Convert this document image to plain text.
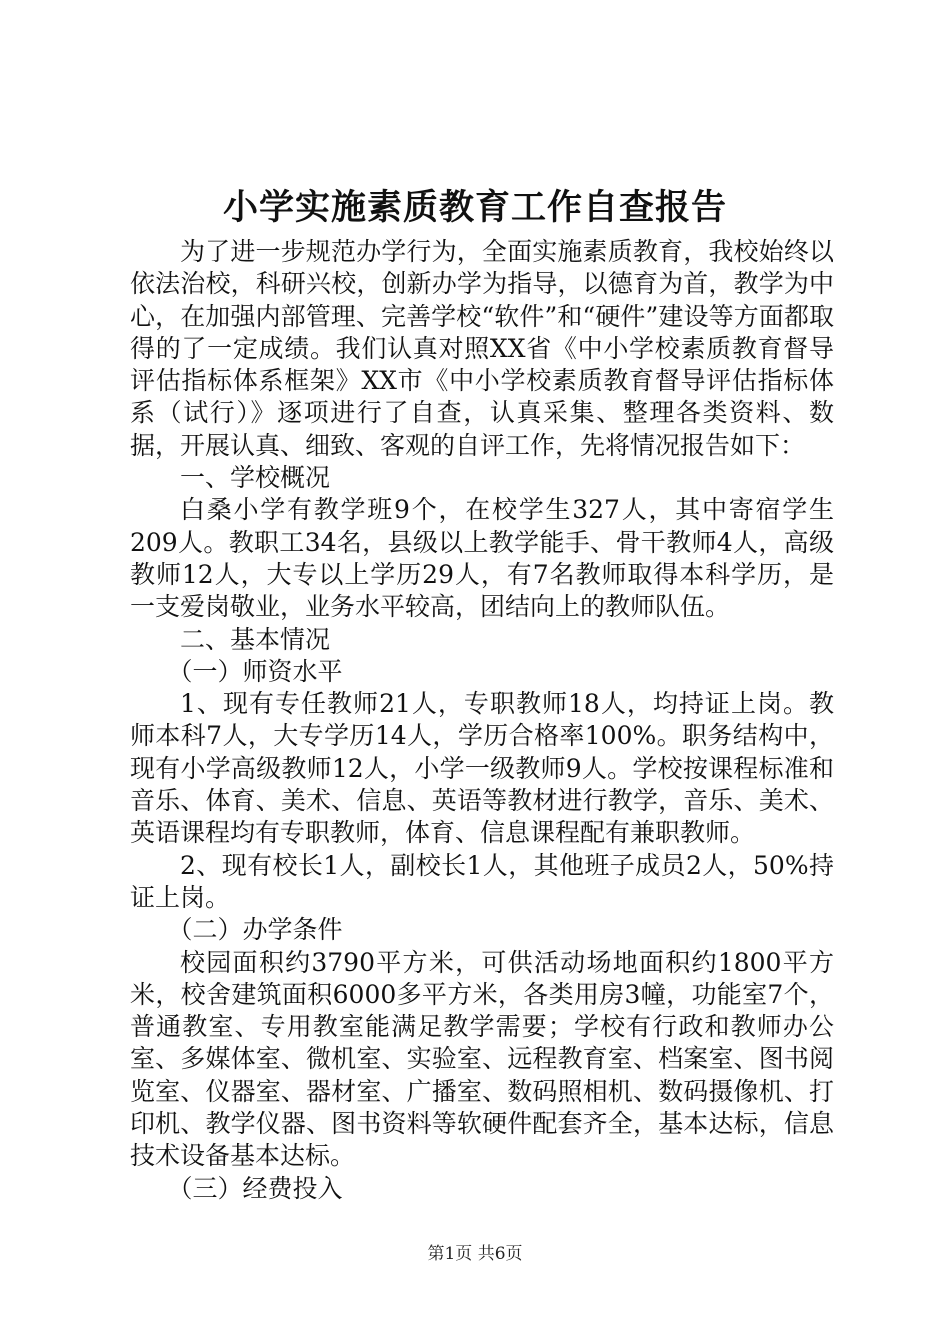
小学实施素质教育工作自查报告

为了进一步规范办学行为，全面实施素质教育，我校始终以依法治校，科研兴校，创新办学为指导，以德育为首，教学为中心，在加强内部管理、完善学校“软件”和“硬件”建设等方面都取得的了一定成绩。我们认真对照XX省《中小学校素质教育督导评估指标体系框架》XX市《中小学校素质教育督导评估指标体系（试行）》逐项进行了自查，认真采集、整理各类资料、数据，开展认真、细致、客观的自评工作，先将情况报告如下：

一、学校概况

白桑小学有教学班9个，在校学生327人，其中寄宿学生209人。教职工34名，县级以上教学能手、骨干教师4人，高级教师12人，大专以上学历29人，有7名教师取得本科学历，是一支爱岗敬业，业务水平较高，团结向上的教师队伍。

二、基本情况

（一）师资水平

1、现有专任教师21人，专职教师18人，均持证上岗。教师本科7人，大专学历14人，学历合格率100%。职务结构中，现有小学高级教师12人，小学一级教师9人。学校按课程标准和音乐、体育、美术、信息、英语等教材进行教学，音乐、美术、英语课程均有专职教师，体育、信息课程配有兼职教师。

2、现有校长1人，副校长1人，其他班子成员2人，50%持证上岗。

（二）办学条件

校园面积约3790平方米，可供活动场地面积约1800平方米，校舍建筑面积6000多平方米，各类用房3幢，功能室7个，普通教室、专用教室能满足教学需要；学校有行政和教师办公室、多媒体室、微机室、实验室、远程教育室、档案室、图书阅览室、仪器室、器材室、广播室、数码照相机、数码摄像机、打印机、教学仪器、图书资料等软硬件配套齐全，基本达标，信息技术设备基本达标。

（三）经费投入

第1页 共6页
